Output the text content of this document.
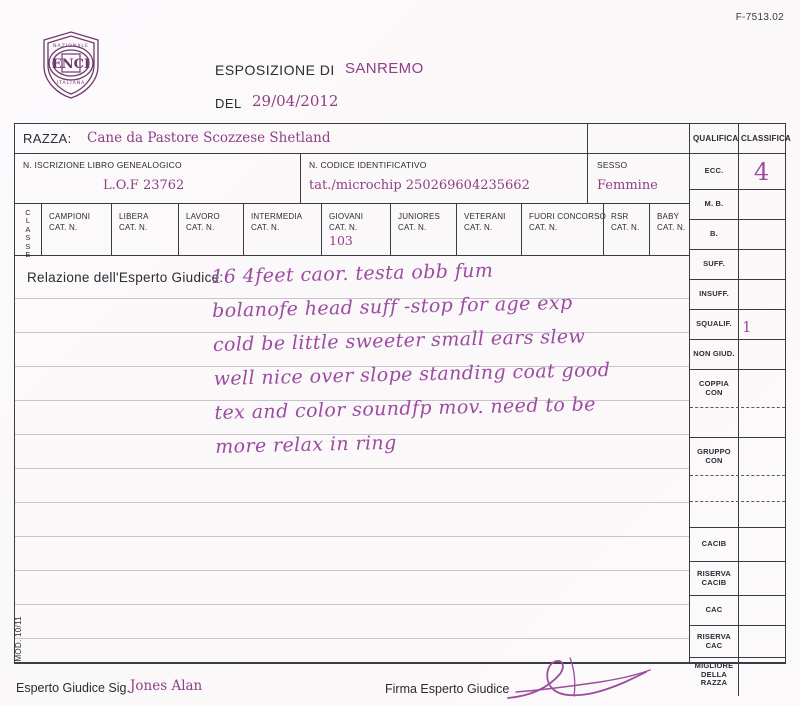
F-7513.02
ENCI
NAZIONALE
ITALIANA
ESPOSIZIONE DI SANREMO
DEL 29/04/2012
RAZZA: Cane da Pastore Scozzese Shetland
N. ISCRIZIONE LIBRO GENEALOGICO
L.O.F 23762
N. CODICE IDENTIFICATIVO
tat./microchip 250269604235662
SESSO
Femmine
C
L
A
S
S
E
CAMPIONI
CAT. N.
LIBERA
CAT. N.
LAVORO
CAT. N.
INTERMEDIA
CAT. N.
GIOVANI
CAT. N.
103
JUNIORES
CAT. N.
VETERANI
CAT. N.
FUORI CONCORSO
CAT. N.
RSR
CAT. N.
BABY
CAT. N.
Relazione dell'Esperto Giudice:
16 4feet caor. testa obb fum
bolanofe head suff -stop for age exp
cold be little sweeter small ears slew
well nice over slope standing coat good
tex and color soundfp mov. need to be
more relax in ring
MOD. 10/11
QUALIFICA CLASSIFICA
ECC.	4
M. B.
B.
SUFF.
INSUFF.
SQUALIF.
NON GIUD.
COPPIA CON
GRUPPO CON
CACIB
RISERVA CACIB
CAC
RISERVA CAC
MIGLIORE DELLA RAZZA
1
Esperto Giudice Sig. Jones Alan	Firma Esperto Giudice
